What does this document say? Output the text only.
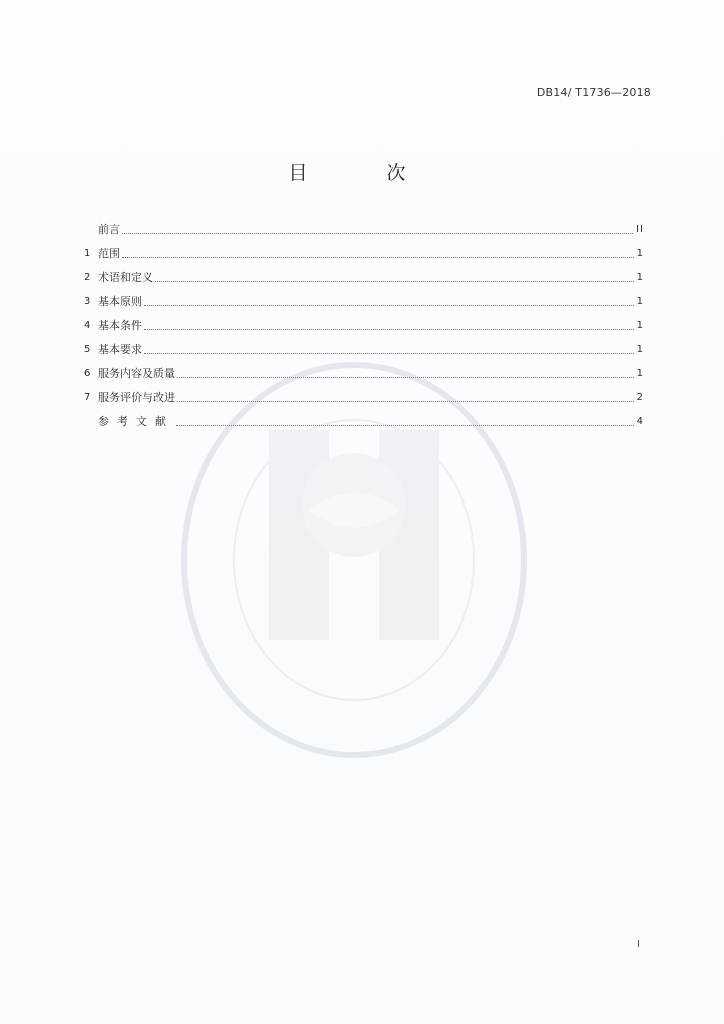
DB14/ T1736—2018
目　次
前言	II
1 范围	1
2 术语和定义	1
3 基本原则	1
4 基本条件	1
5 基本要求	1
6 服务内容及质量	1
7 服务评价与改进	2
参考文献	4
I
